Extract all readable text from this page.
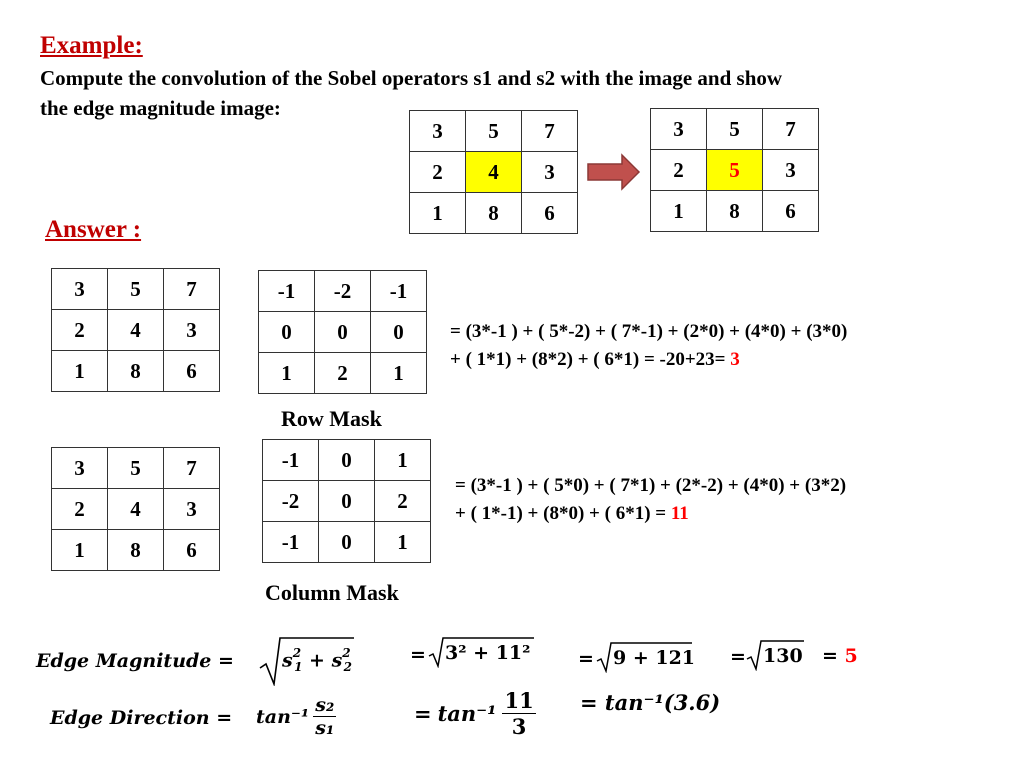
Example:
Compute the convolution of the Sobel operators s1 and s2 with the image and show
the edge magnitude image:
3	5	7
2	4	3
1	8	6
3	5	7
2	5	3
1	8	6
Answer :
3	5	7
2	4	3
1	8	6
-1	-2	-1
0	0	0
1	2	1
Row Mask
= (3*-1 ) + ( 5*-2) + ( 7*-1) + (2*0) + (4*0) + (3*0)
+ ( 1*1) + (8*2) + ( 6*1) = -20+23= 3
3	5	7
2	4	3
1	8	6
-1	0	1
-2	0	2
-1	0	1
Column Mask
= (3*-1 ) + ( 5*0) + ( 7*1) + (2*-2) + (4*0) + (3*2)
+ ( 1*-1) + (8*0) + ( 6*1) = 11
Edge Magnitude =	$s^2_1 + s^2_2$
= 3² + 11²	= 9 + 121 = 130 = 5
Edge Direction = $\tan^{-1} \frac{\text{s₂}}{\text{s₁}}$	= $\tan^{-1} \frac{11}{3} = \tan^{-1}(3.6)$
